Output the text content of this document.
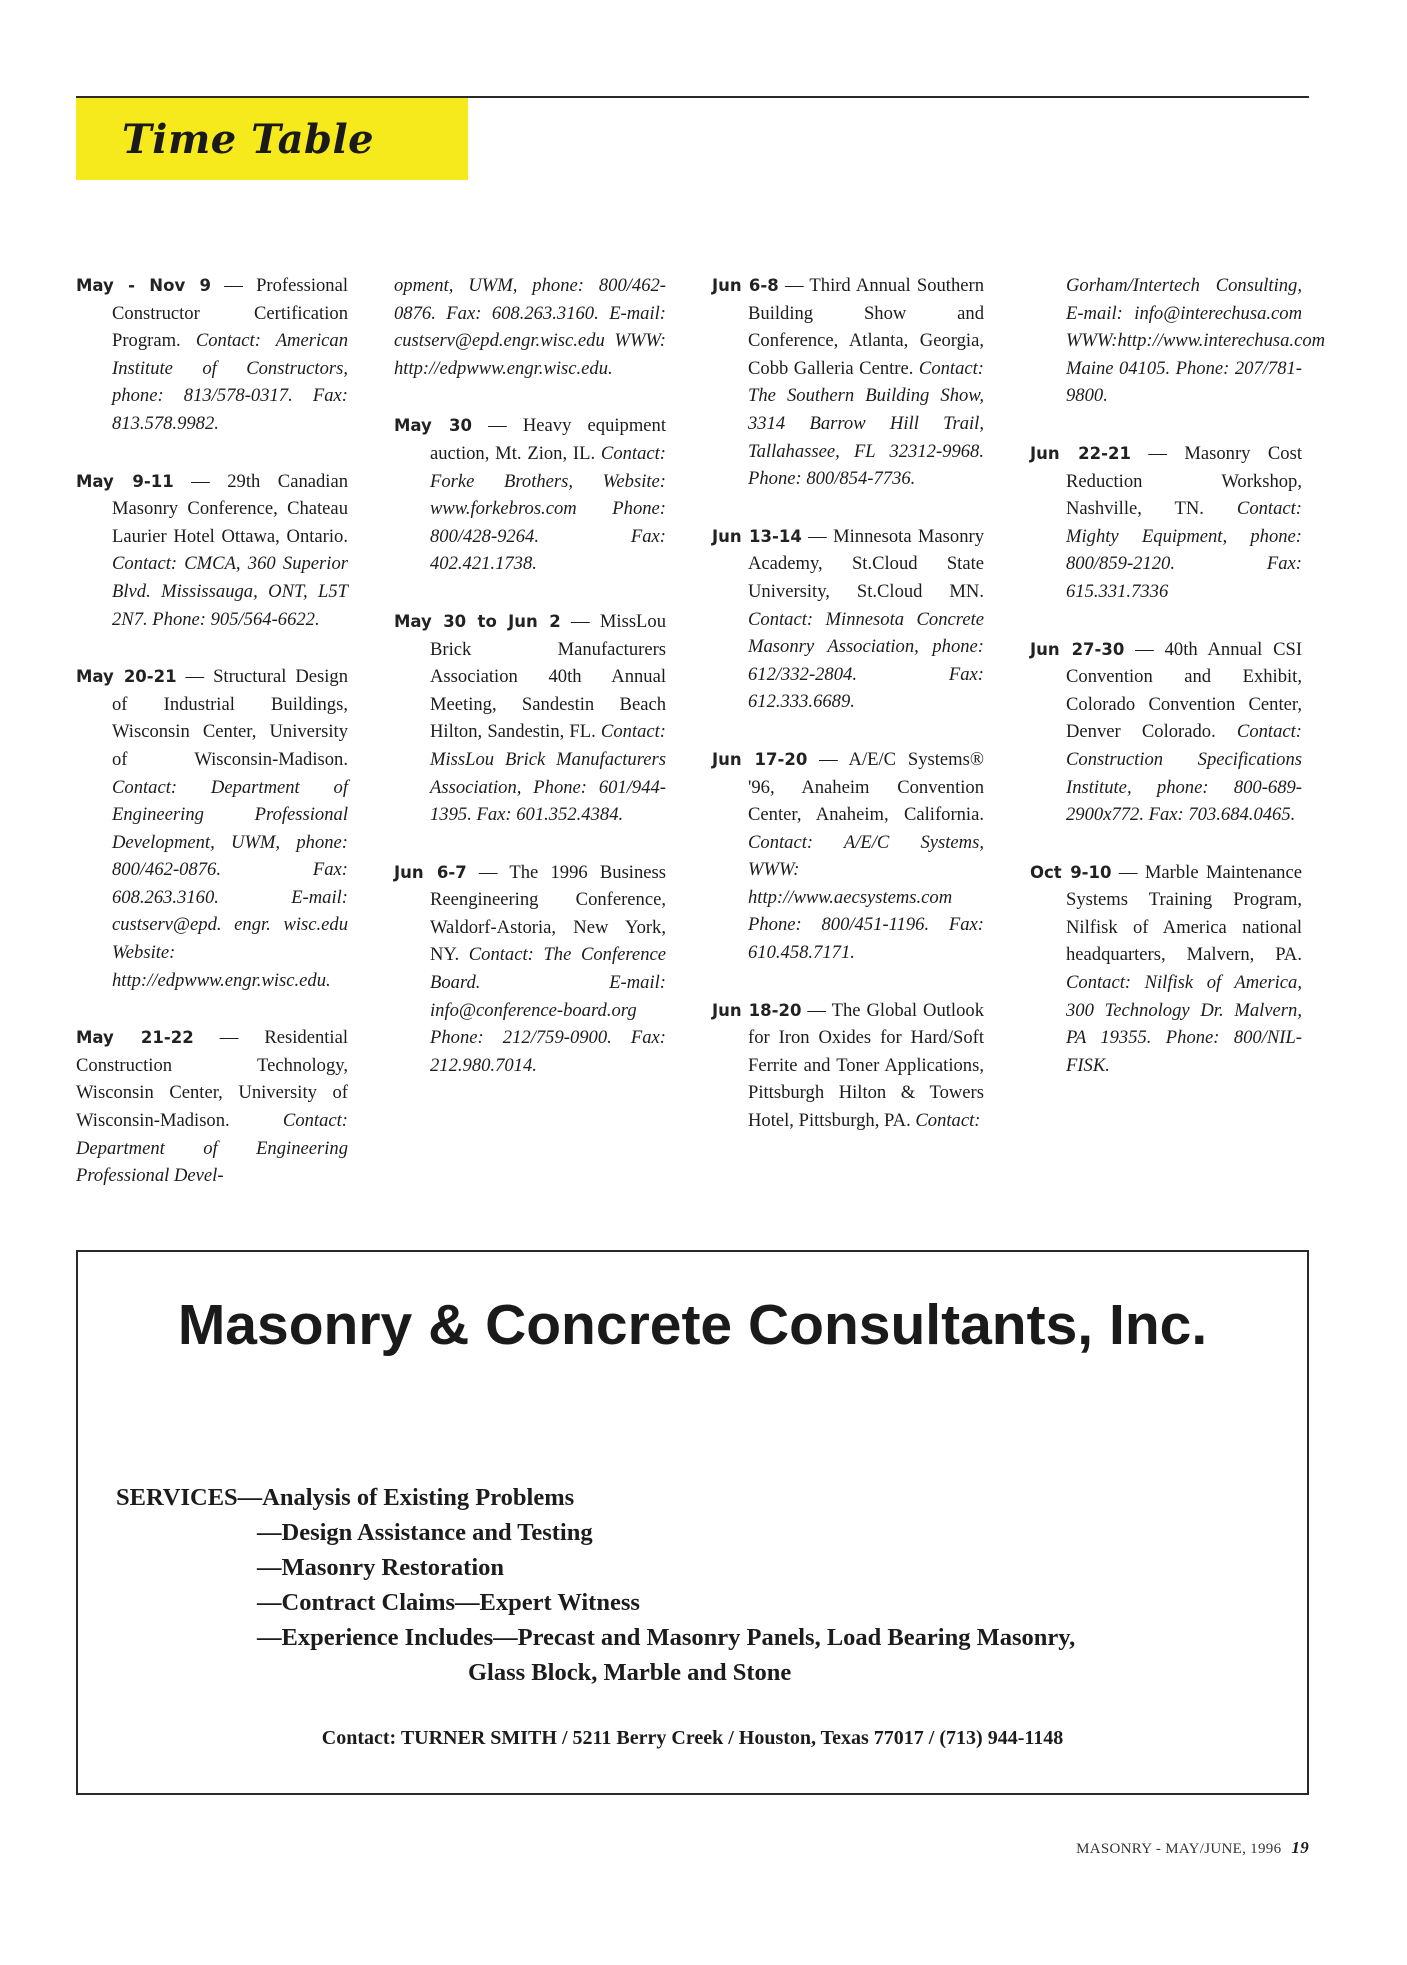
Time Table

May - Nov 9 — Professional Constructor Certification Program. Contact: American Institute of Constructors, phone: 813/578-0317. Fax: 813.578.9982.

May 9-11 — 29th Canadian Masonry Conference, Chateau Laurier Hotel Ottawa, Ontario. Contact: CMCA, 360 Superior Blvd. Mississauga, ONT, L5T 2N7. Phone: 905/564-6622.

May 20-21 — Structural Design of Industrial Buildings, Wisconsin Center, University of Wisconsin-Madison. Contact: Department of Engineering Professional Development, UWM, phone: 800/462-0876. Fax: 608.263.3160. E-mail: custserv@epd. engr. wisc.edu Website: http://edpwww.engr.wisc.edu.

May 21-22 — Residential Construction Technology, Wisconsin Center, University of Wisconsin-Madison.	Contact: Department of Engineering Professional Devel-

opment, UWM, phone: 800/462-0876. Fax: 608.263.3160. E-mail: custserv@epd.engr.wisc.edu WWW: http://edpwww.engr.wisc.edu.

May 30 — Heavy equipment auction, Mt. Zion, IL. Contact: Forke Brothers, Website: www.forkebros.com Phone: 800/428-9264. Fax: 402.421.1738.

May 30 to Jun 2 — MissLou Brick Manufacturers Association 40th Annual Meeting, Sandestin Beach Hilton, Sandestin, FL. Contact: MissLou Brick Manufacturers Association, Phone: 601/944-1395. Fax: 601.352.4384.

Jun 6-7 — The 1996 Business Reengineering Conference, Waldorf-Astoria, New York, NY. Contact: The Conference Board. E-mail: info@conference-board.org Phone: 212/759-0900. Fax: 212.980.7014.

Jun 6-8 — Third Annual Southern Building Show and Conference, Atlanta, Georgia, Cobb Galleria Centre. Contact: The Southern Building Show, 3314 Barrow Hill Trail, Tallahassee, FL 32312-9968. Phone: 800/854-7736.

Jun 13-14 — Minnesota Masonry Academy, St.Cloud State University, St.Cloud MN. Contact: Minnesota Concrete Masonry Association, phone: 612/332-2804. Fax: 612.333.6689.

Jun 17-20 — A/E/C Systems® '96, Anaheim Convention Center, Anaheim, California. Contact: A/E/C Systems, WWW: http://www.aecsystems.com Phone: 800/451-1196. Fax: 610.458.7171.

Jun 18-20 — The Global Outlook for Iron Oxides for Hard/Soft Ferrite and Toner Applications, Pittsburgh Hilton & Towers Hotel, Pittsburgh, PA. Contact:

Gorham/Intertech Consulting, E-mail: info@interechusa.com WWW:http://www.interechusa.com Maine 04105. Phone: 207/781-9800.

Jun 22-21 — Masonry Cost Reduction Workshop, Nashville, TN. Contact: Mighty Equipment, phone: 800/859-2120. Fax: 615.331.7336

Jun 27-30 — 40th Annual CSI Convention and Exhibit, Colorado Convention Center, Denver Colorado. Contact: Construction Specifications Institute, phone: 800-689-2900x772. Fax: 703.684.0465.

Oct 9-10 — Marble Maintenance Systems Training Program, Nilfisk of America national headquarters, Malvern, PA. Contact: Nilfisk of America, 300 Technology Dr. Malvern, PA 19355. Phone: 800/NIL-FISK.

Masonry & Concrete Consultants, Inc.
SERVICES—Analysis of Existing Problems
—Design Assistance and Testing
—Masonry Restoration
—Contract Claims—Expert Witness
—Experience Includes—Precast and Masonry Panels, Load Bearing Masonry,
Glass Block, Marble and Stone
Contact: TURNER SMITH / 5211 Berry Creek / Houston, Texas 77017 / (713) 944-1148
MASONRY - MAY/JUNE, 1996 19
